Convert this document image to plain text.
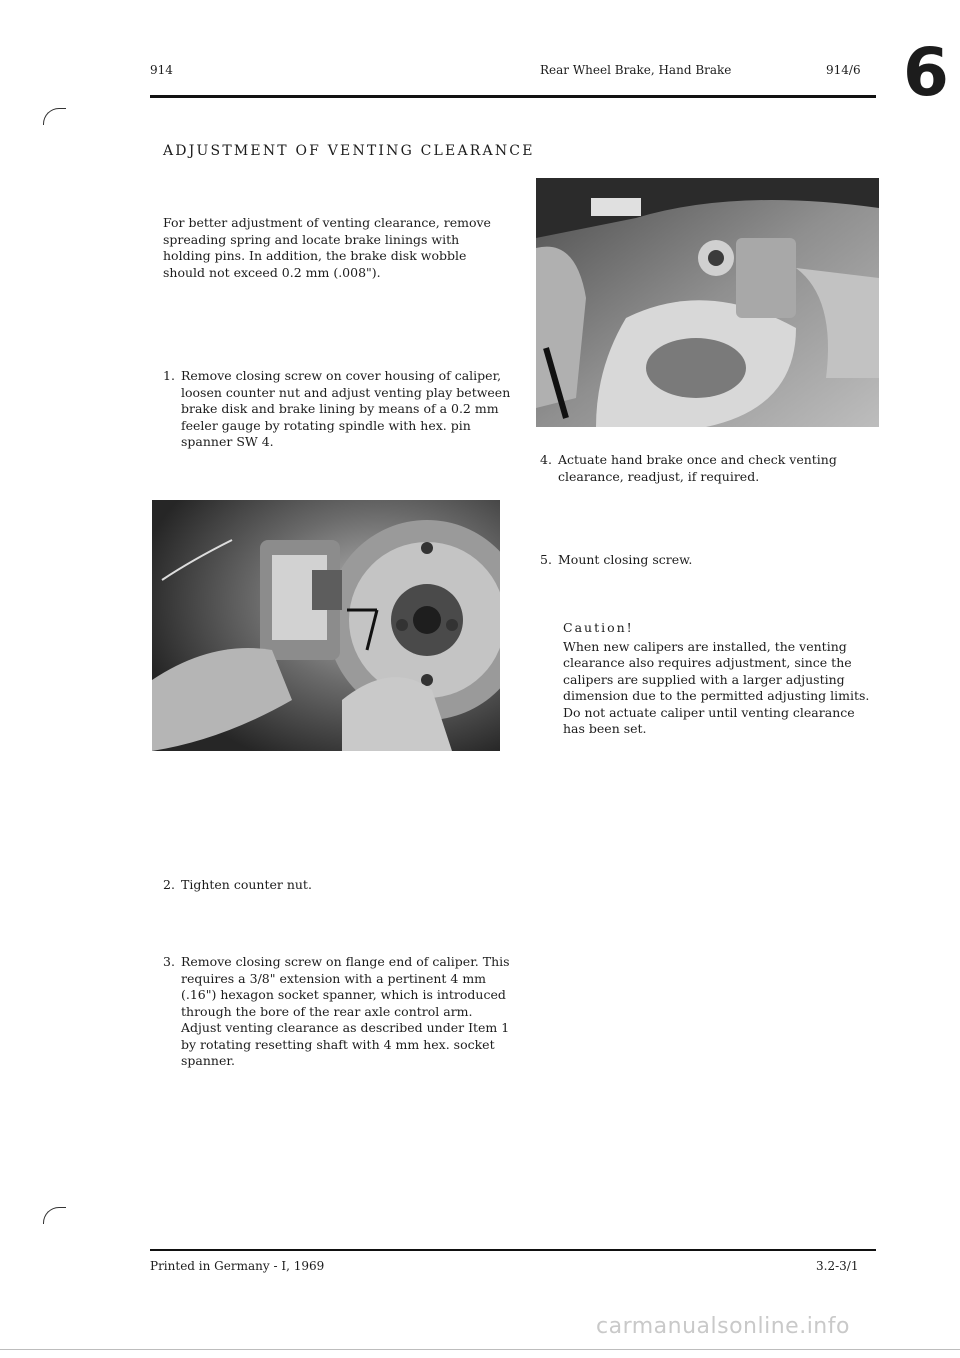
914	Rear Wheel Brake, Hand Brake	914/6 6
ADJUSTMENT OF VENTING CLEARANCE
For better adjustment of venting clearance, remove spreading spring and locate brake linings with holding pins. In addition, the brake disk wobble should not exceed 0.2 mm (.008").
1. Remove closing screw on cover housing of caliper, loosen counter nut and adjust venting play between brake disk and brake lining by means of a 0.2 mm feeler gauge by rotating spindle with hex. pin spanner SW 4.
2. Tighten counter nut.
3. Remove closing screw on flange end of caliper. This requires a 3/8" extension with a pertinent 4 mm (.16") hexagon socket spanner, which is introduced through the bore of the rear axle control arm. Adjust venting clearance as described under Item 1 by rotating resetting shaft with 4 mm hex. socket spanner.
4. Actuate hand brake once and check venting clearance, readjust, if required.
5. Mount closing screw.
Caution!
When new calipers are installed, the venting clearance also requires adjustment, since the calipers are supplied with a larger adjusting dimension due to the permitted adjusting limits.
Do not actuate caliper until venting clearance has been set.
Printed in Germany - I, 1969	3.2-3/1
carmanualsonline.info
